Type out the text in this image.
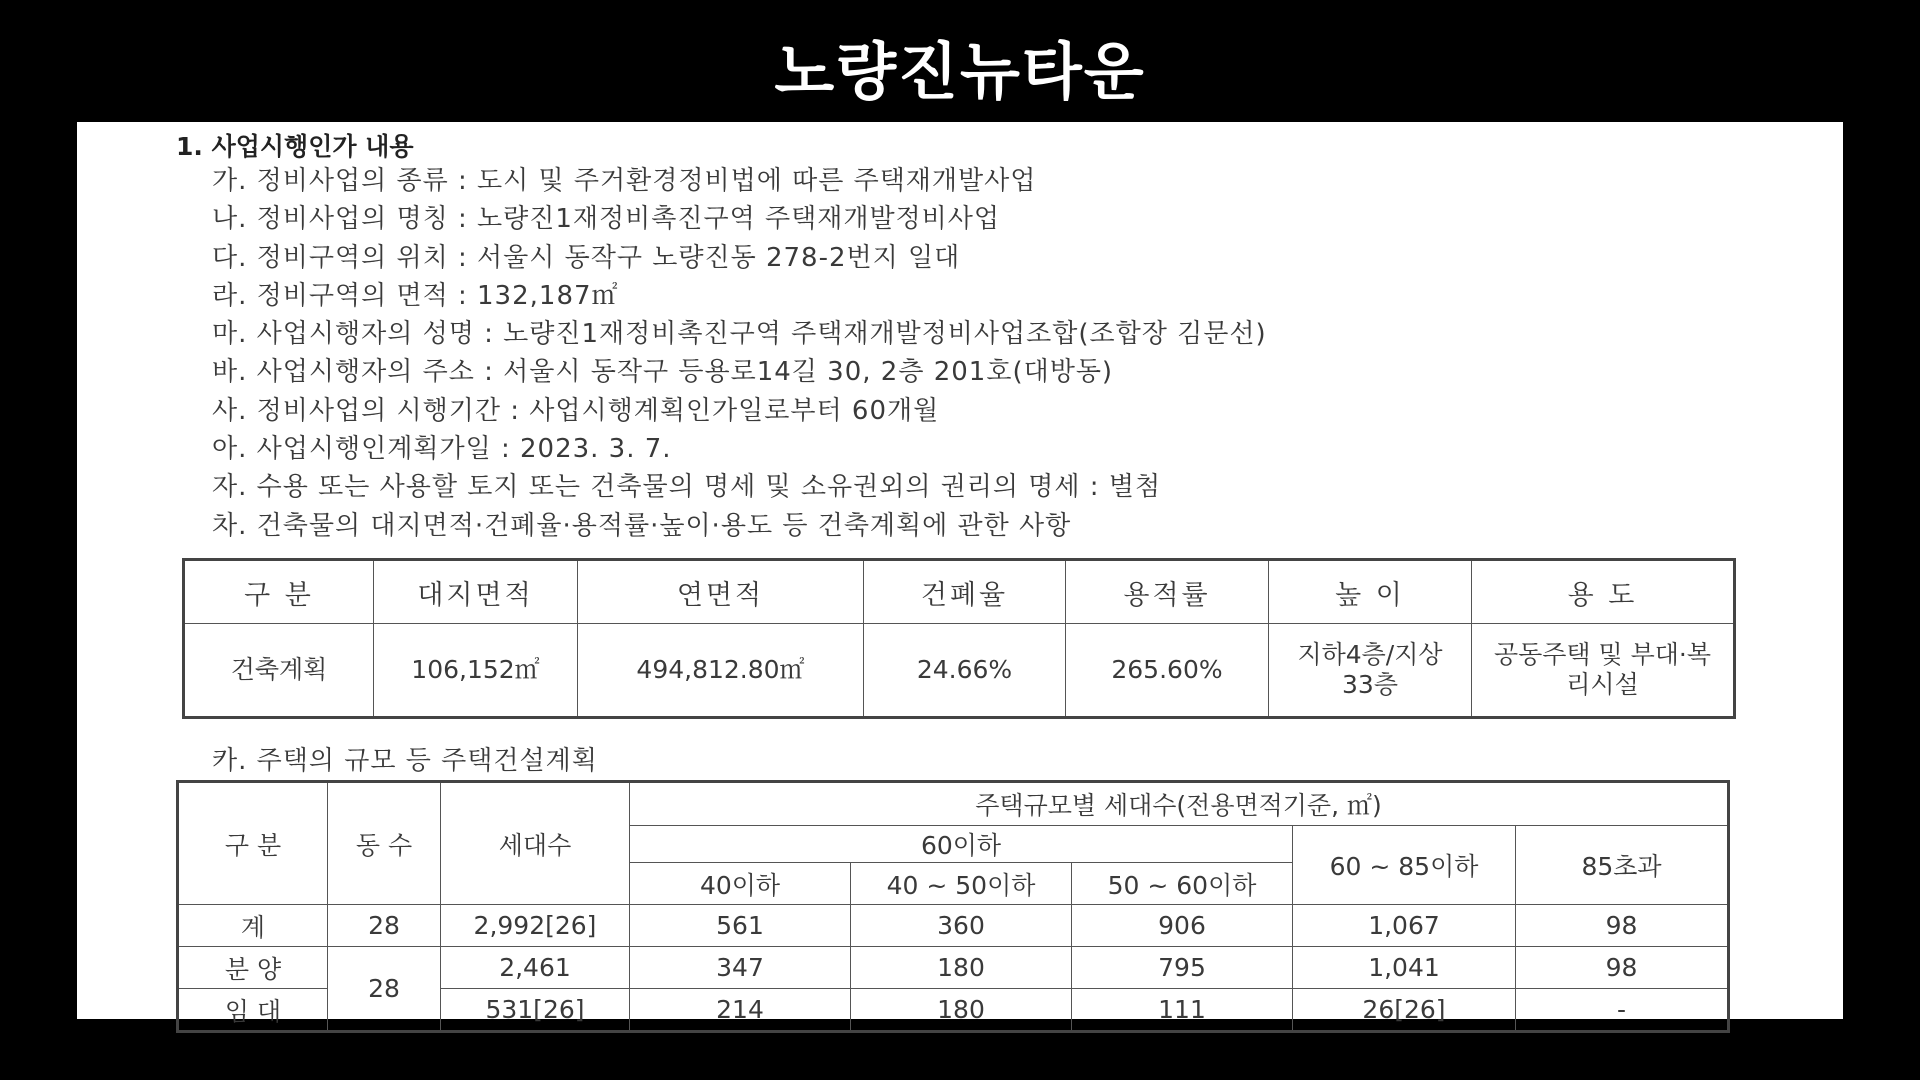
노량진뉴타운
1. 사업시행인가 내용
가. 정비사업의 종류 : 도시 및 주거환경정비법에 따른 주택재개발사업
나. 정비사업의 명칭 : 노량진1재정비촉진구역 주택재개발정비사업
다. 정비구역의 위치 : 서울시 동작구 노량진동 278-2번지 일대
라. 정비구역의 면적 : 132,187㎡
마. 사업시행자의 성명 : 노량진1재정비촉진구역 주택재개발정비사업조합(조합장 김문선)
바. 사업시행자의 주소 : 서울시 동작구 등용로14길 30, 2층 201호(대방동)
사. 정비사업의 시행기간 : 사업시행계획인가일로부터 60개월
아. 사업시행인계획가일 : 2023. 3. 7.
자. 수용 또는 사용할 토지 또는 건축물의 명세 및 소유권외의 권리의 명세 : 별첨
차. 건축물의 대지면적·건폐율·용적률·높이·용도 등 건축계획에 관한 사항
구 분	대지면적	연면적	건폐율	용적률	높 이	용 도
건축계획	106,152㎡	494,812.80㎡	24.66%	265.60%	지하4층/지상33층	공동주택 및 부대·복리시설
카. 주택의 규모 등 주택건설계획
구 분	동 수	세대수	주택규모별 세대수(전용면적기준, ㎡)				
			60이하			60 ~ 85이하	85초과
			40이하	40 ~ 50이하	50 ~ 60이하		
계	28	2,992[26]	561	360	906	1,067	98
분 양	28	2,461	347	180	795	1,041	98
임 대		531[26]	214	180	111	26[26]	-
